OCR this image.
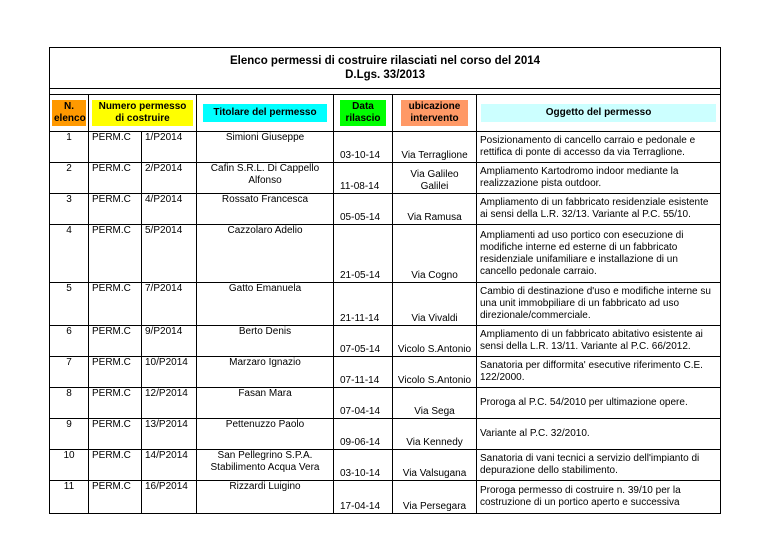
Elenco permessi di costruire rilasciati nel corso del 2014
D.Lgs. 33/2013						

N. elenco	Numero permesso di costruire		Titolare del permesso	Data rilascio	ubicazione intervento	Oggetto del permesso
1	PERM.C	1/P2014	Simioni Giuseppe	03-10-14	Via Terraglione	Posizionamento di cancello carraio e pedonale e rettifica di ponte di accesso da via Terraglione.
2	PERM.C	2/P2014	Cafin S.R.L. Di Cappello Alfonso	11-08-14	Via Galileo Galilei	Ampliamento Kartodromo indoor mediante la realizzazione pista outdoor.
3	PERM.C	4/P2014	Rossato Francesca	05-05-14	Via Ramusa	Ampliamento di un fabbricato residenziale esistente ai sensi della L.R. 32/13. Variante al P.C. 55/10.
4	PERM.C	5/P2014	Cazzolaro Adelio	21-05-14	Via Cogno	Ampliamenti ad uso portico con esecuzione di modifiche interne ed esterne di un fabbricato residenziale unifamiliare e installazione di un cancello pedonale carraio.
5	PERM.C	7/P2014	Gatto Emanuela	21-11-14	Via Vivaldi	Cambio di destinazione d'uso e modifiche interne su una unit immobpiliare di un fabbricato ad uso direzionale/commerciale.
6	PERM.C	9/P2014	Berto Denis	07-05-14	Vicolo S.Antonio	Ampliamento di un fabbricato abitativo esistente ai sensi della L.R. 13/11. Variante al P.C. 66/2012.
7	PERM.C	10/P2014	Marzaro Ignazio	07-11-14	Vicolo S.Antonio	Sanatoria per difformita' esecutive riferimento C.E. 122/2000.
8	PERM.C	12/P2014	Fasan Mara	07-04-14	Via Sega	Proroga al P.C. 54/2010 per ultimazione opere.
9	PERM.C	13/P2014	Pettenuzzo Paolo	09-06-14	Via Kennedy	Variante al P.C. 32/2010.
10	PERM.C	14/P2014	San Pellegrino S.P.A. Stabilimento Acqua Vera	03-10-14	Via Valsugana	Sanatoria di vani tecnici a servizio dell'impianto di depurazione dello stabilimento.
11	PERM.C	16/P2014	Rizzardi Luigino	17-04-14	Via Persegara	Proroga permesso di costruire n. 39/10 per la costruzione di un portico aperto e successiva
